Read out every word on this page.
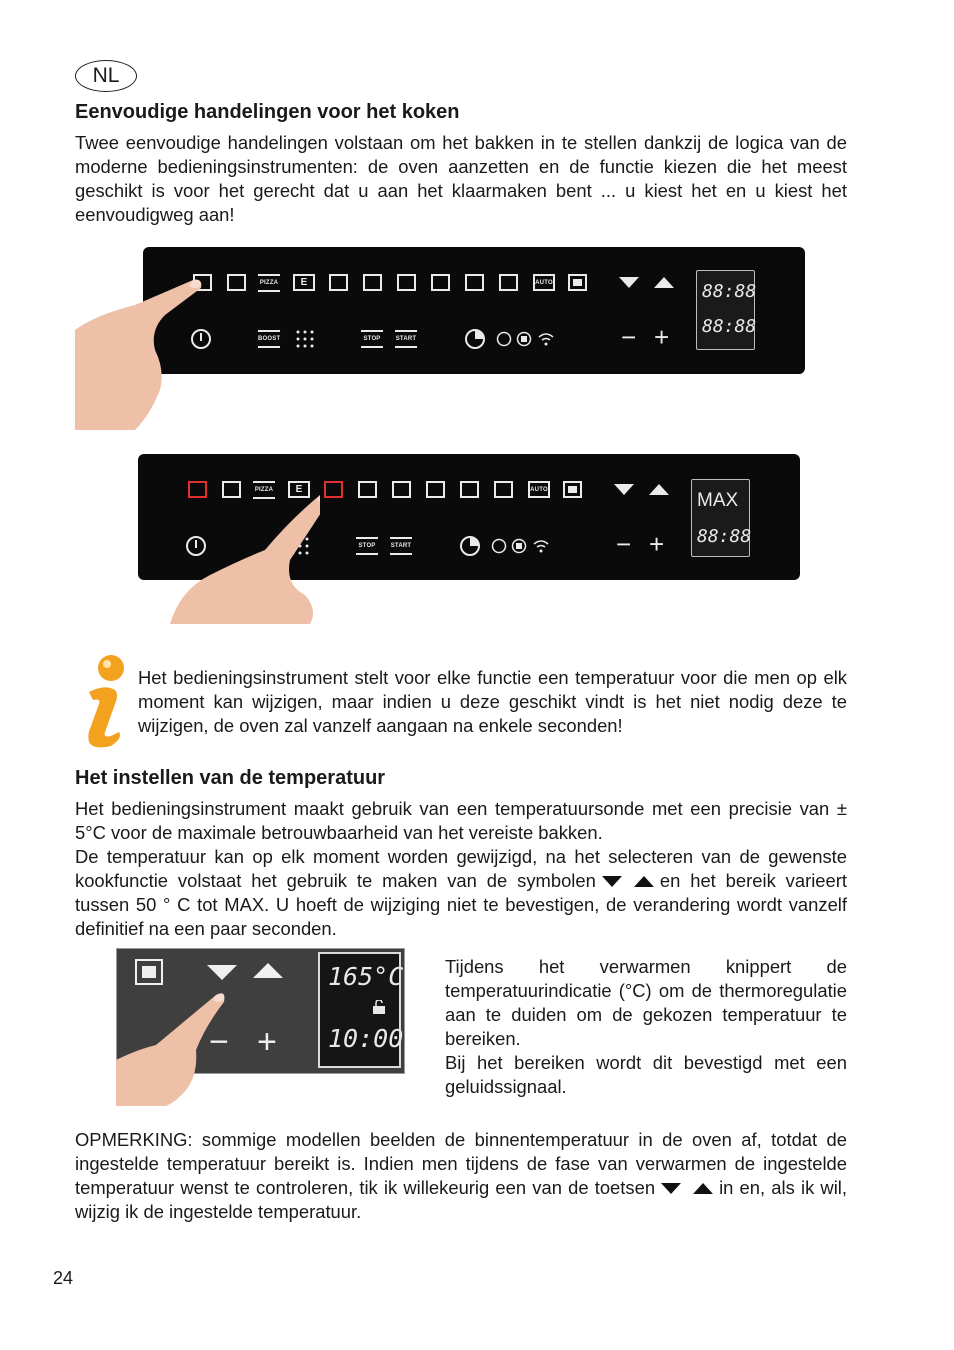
NL
Eenvoudige handelingen voor het koken
Twee eenvoudige handelingen volstaan om het bakken in te stellen dankzij de logica van de moderne bedieningsinstrumenten: de oven aanzetten en de functie kiezen die het meest geschikt is voor het gerecht dat u aan het klaarmaken bent ... u kiest het en u kiest het eenvoudigweg aan!
PIZZA	E	AUTO
BOOST	STOP	START	− +
88:88
88:88
PIZZA	E	AUTO
STOP	START	− +
MAX
88:88
Het bedieningsinstrument stelt voor elke functie een temperatuur voor die men op elk moment kan wijzigen, maar indien u deze geschikt vindt is het niet nodig deze te wijzigen, de oven zal vanzelf aangaan na enkele seconden!
Het instellen van de temperatuur

Het bedieningsinstrument maakt gebruik van een temperatuursonde met een precisie van ± 5°C voor de maximale betrouwbaarheid van het vereiste bakken.

De temperatuur kan op elk moment worden gewijzigd, na het selecteren van de gewenste kookfunctie volstaat het gebruik te maken van de symbolen	en het bereik varieert tussen 50 ° C tot MAX. U hoeft de wijziging niet te bevestigen, de verandering wordt vanzelf definitief na een paar seconden.

− +
165°C
10:00

Tijdens het verwarmen knippert de temperatuurindicatie (°C) om de thermoregulatie aan te duiden om de gekozen temperatuur te bereiken.

Bij het bereiken wordt dit bevestigd met een geluidssignaal.

OPMERKING: sommige modellen beelden de binnentemperatuur in de oven af, totdat de ingestelde temperatuur bereikt is. Indien men tijdens de fase van verwarmen de ingestelde temperatuur wenst te controleren, tik ik willekeurig een van de toetsen	in en, als ik wil, wijzig ik de ingestelde temperatuur.
24
